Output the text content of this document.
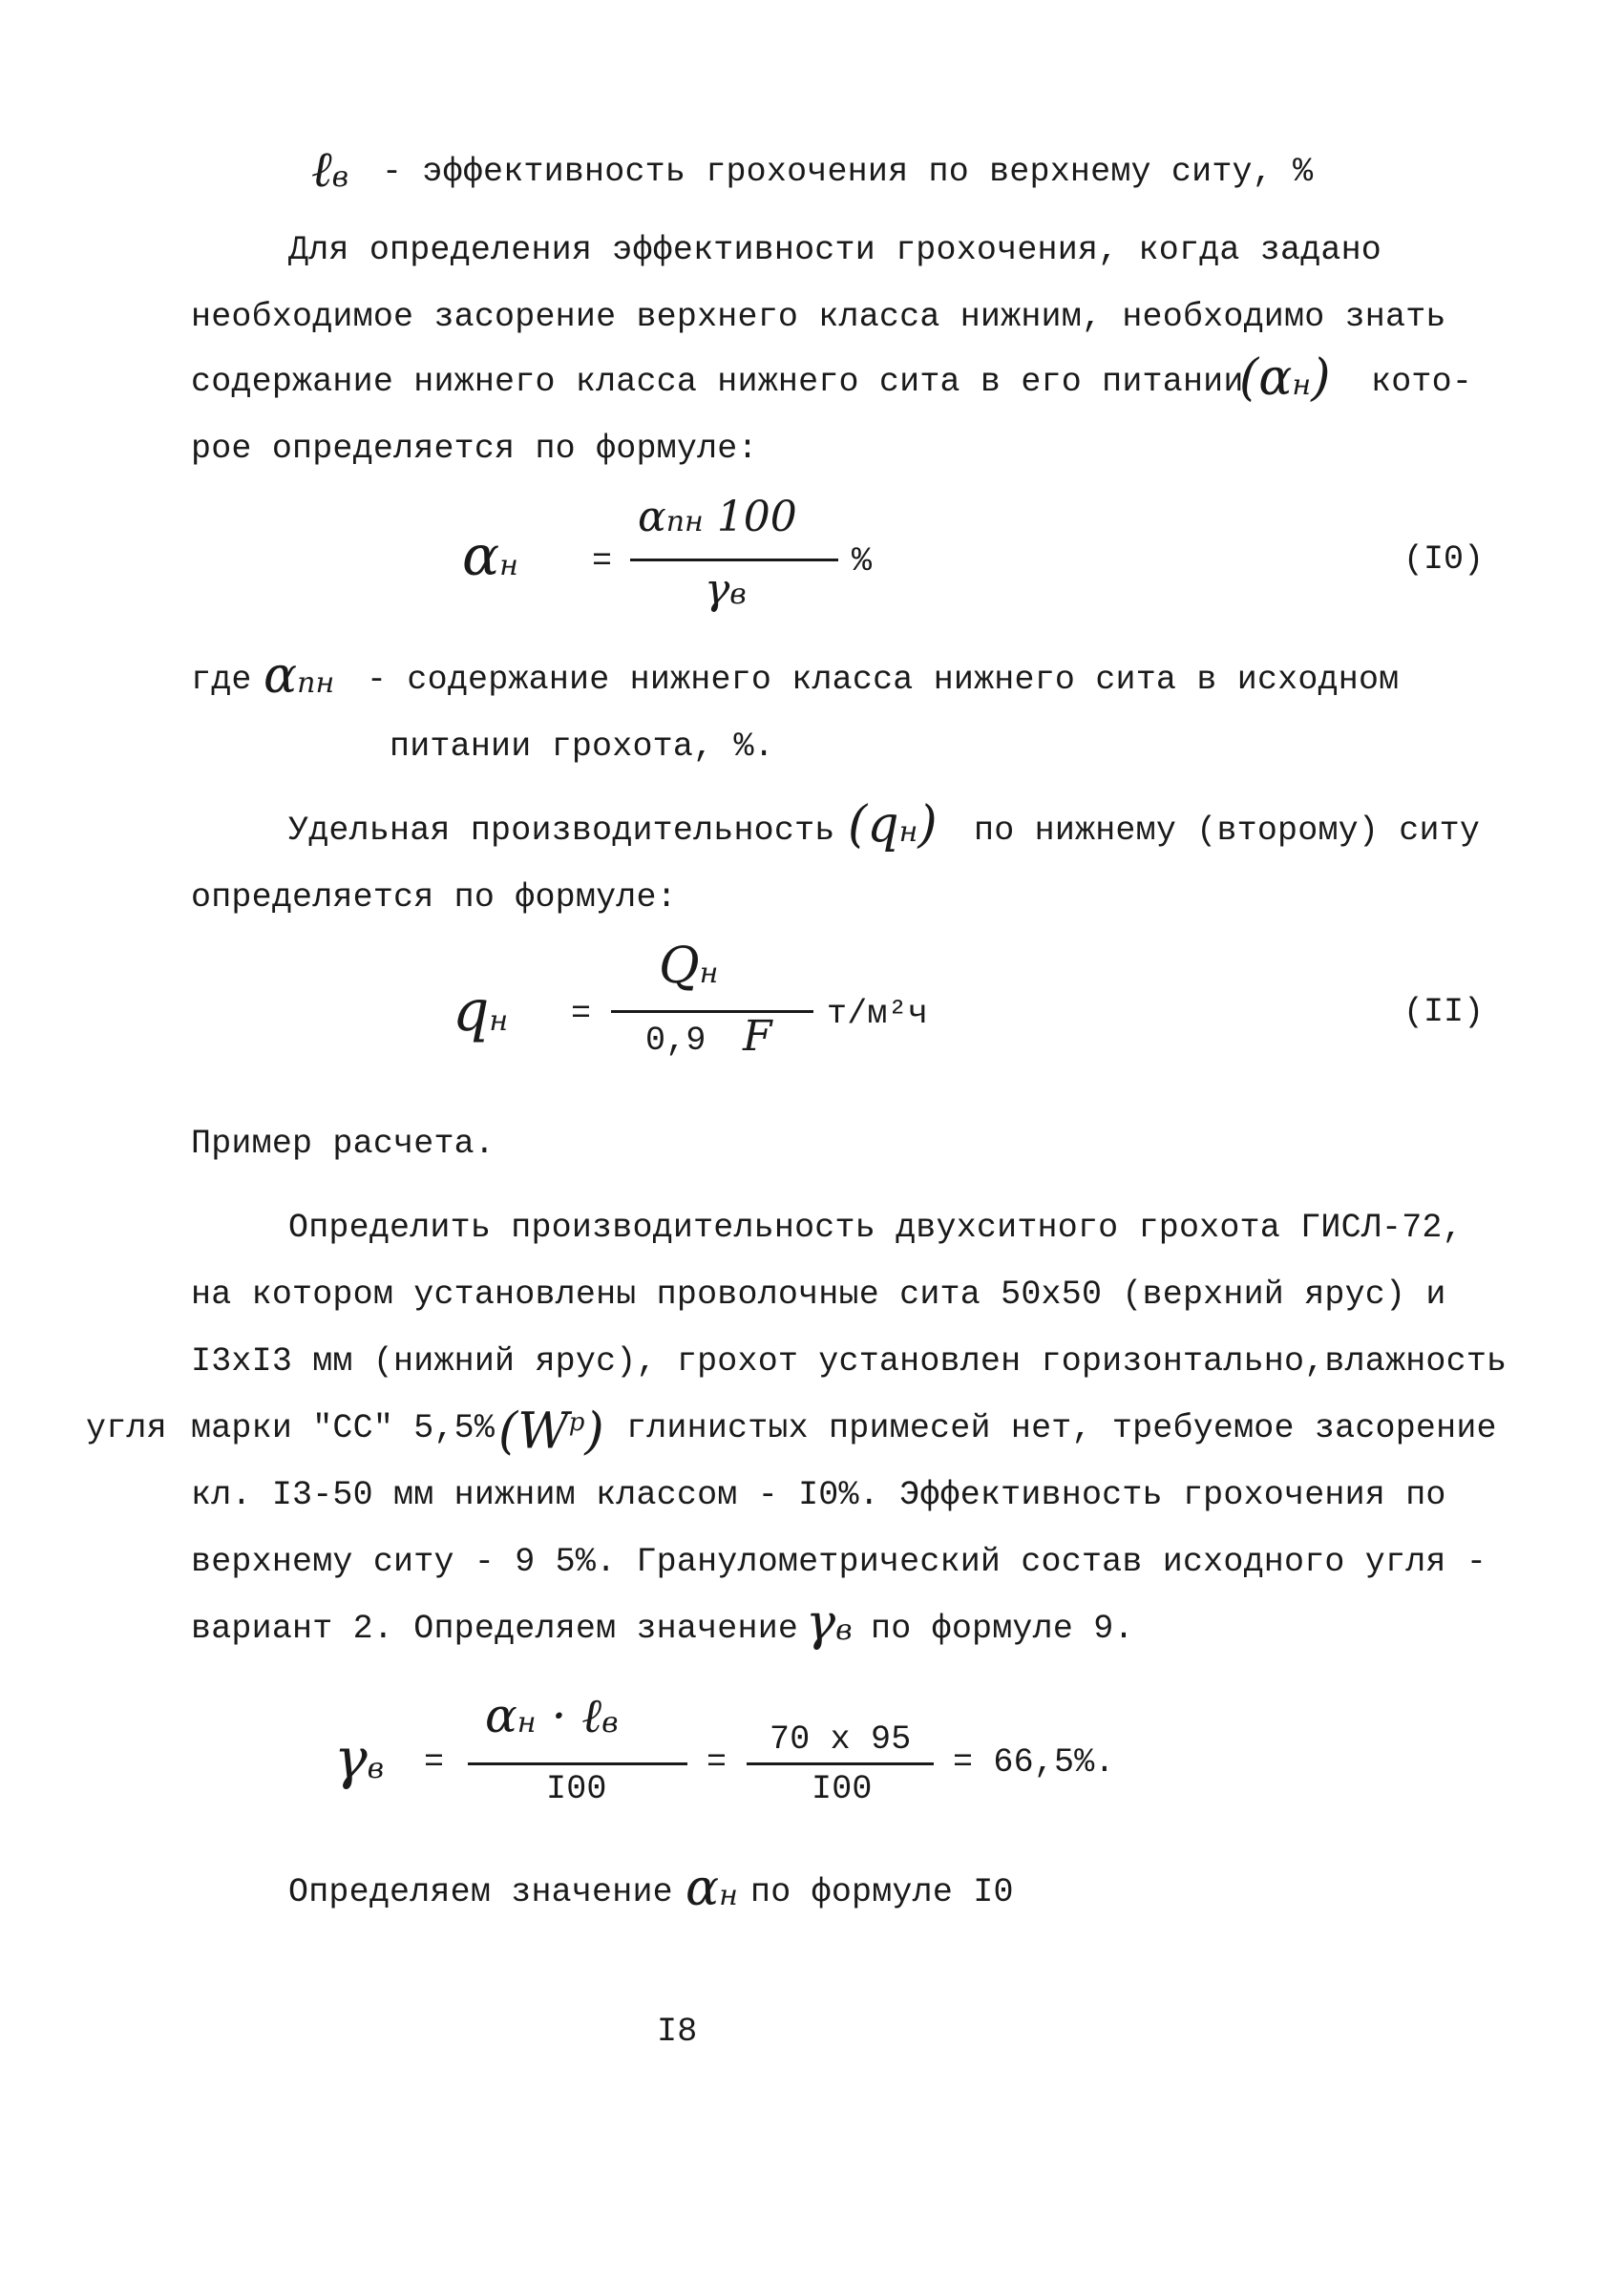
ℓв - эффективность грохочения по верхнему ситу, %
Для определения эффективности грохочения, когда задано
необходимое засорение верхнего класса нижним, необходимо знать
содержание нижнего класса нижнего сита в его питании
(αн) кото-
рое определяется по формуле:
αн =
αпн 100
γв
%	(I0)
где αпн - содержание нижнего класса нижнего сита в исходном
питании грохота, %.
Удельная производительность (qн) по нижнему (второму) ситу
определяется по формуле:
qн =
Qн
0,9 F т/м²ч	(II)
Пример расчета.
Определить производительность двухситного грохота ГИСЛ-72,
на котором установлены проволочные сита 50x50 (верхний ярус) и
I3xI3 мм (нижний ярус), грохот установлен горизонтально,влажность
угля марки "СС" 5,5% $(W^р)$ глинистых примесей нет, требуемое засорение
кл. I3-50 мм нижним классом - I0%. Эффективность грохочения по
верхнему ситу - 9 5%. Гранулометрический состав исходного угля -
вариант 2. Определяем значение γв по формуле 9.
γв =
αн · ℓв
I00
=
70 x 95
I00
= 66,5%.
Определяем значение αн по формуле I0
I8
